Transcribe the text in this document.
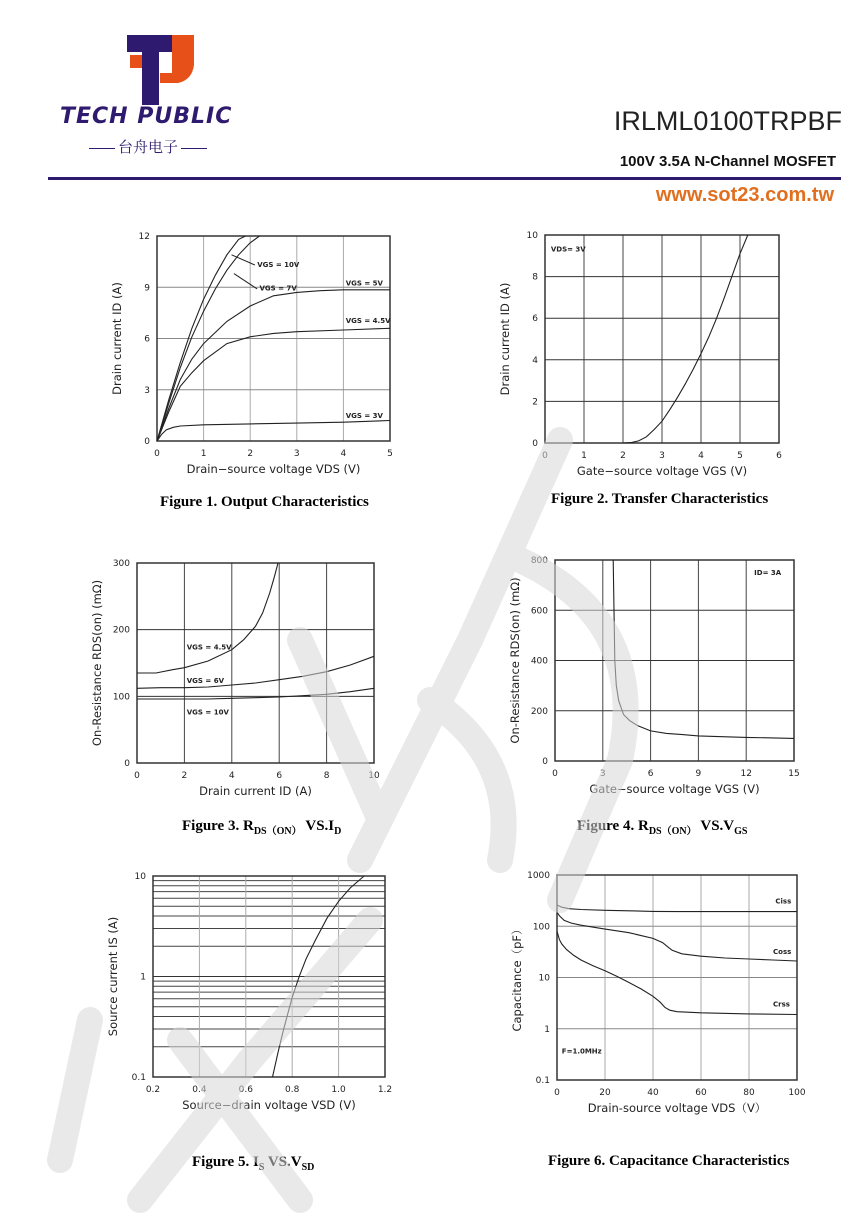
TECH PUBLIC
台舟电子
IRLML0100TRPBF
100V 3.5A N-Channel MOSFET
www.sot23.com.tw
0	1	2	3	4	5
0
3
6
9
12
VGS = 10V
VGS = 7V
VGS = 5V
VGS = 4.5V
VGS = 3V
Drain−source voltage VDS (V)
Drain current ID (A)
0	1	2	3	4	5	6
0
2
4
6
8
10
VDS= 3V
Gate−source voltage VGS (V)
Drain current ID (A)
0	2	4	6	8	10
0
100
200
300
VGS = 4.5V
VGS = 6V
VGS = 10V
Drain current ID (A)
On-Resistance RDS(on) (mΩ)
0	3	6	9	12	15
0
200
400
600
800
ID= 3A
Gate−source voltage VGS (V)
On-Resistance RDS(on) (mΩ)
0.2	0.4	0.6	0.8	1.0	1.2
0.1
1
10
Source−drain voltage VSD (V)
Source current IS (A)
0	20	40	60	80	100
0.1
1
10
100
1000
Ciss
Coss
Crss
F=1.0MHz
Drain-source voltage VDS（V）
Capacitance（pF）
Figure 1. Output Characteristics	Figure 2. Transfer Characteristics
Figure 3. $R_{DS(ON)}$ $VS.I_D$	Figure 4. $R_{DS(ON)}$ $VS.V_{GS}$
Figure 5. $I_S$ $VS.V_{SD}$	Figure 6. Capacitance Characteristics
